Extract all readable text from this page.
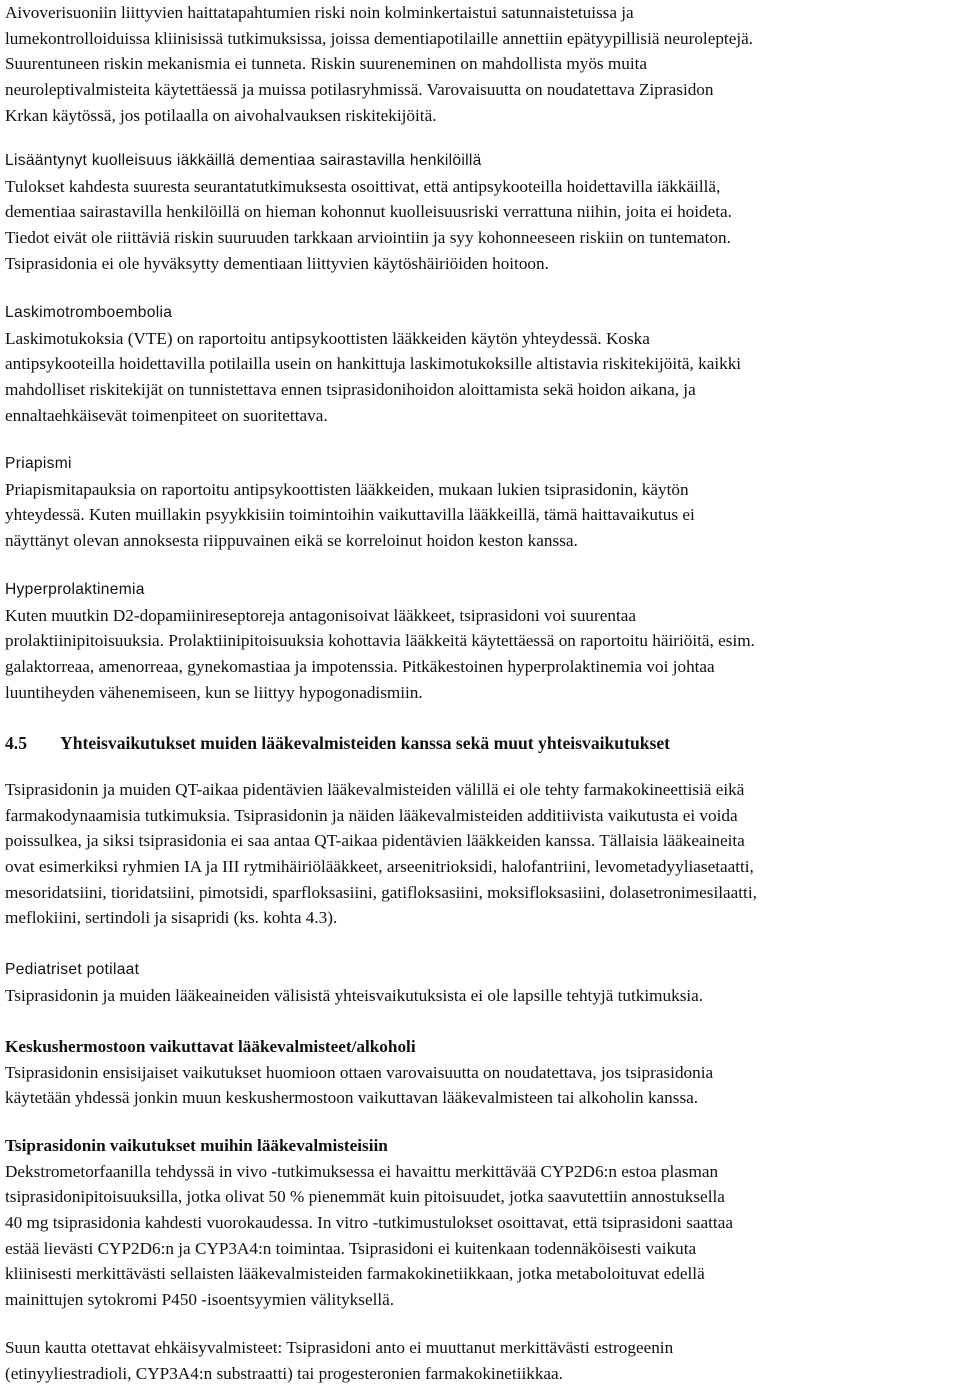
Aivoverisuoniin liittyvien haittatapahtumien riski noin kolminkertaistui satunnaistetuissa ja
lumekontrolloiduissa kliinisissä tutkimuksissa, joissa dementiapotilaille annettiin epätyypillisiä neuroleptejä.
Suurentuneen riskin mekanismia ei tunneta. Riskin suureneminen on mahdollista myös muita
neuroleptivalmisteita käytettäessä ja muissa potilasryhmissä. Varovaisuutta on noudatettava Ziprasidon
Krkan käytössä, jos potilaalla on aivohalvauksen riskitekijöitä.
Lisääntynyt kuolleisuus iäkkäillä dementiaa sairastavilla henkilöillä
Tulokset kahdesta suuresta seurantatutkimuksesta osoittivat, että antipsykooteilla hoidettavilla iäkkäillä,
dementiaa sairastavilla henkilöillä on hieman kohonnut kuolleisuusriski verrattuna niihin, joita ei hoideta.
Tiedot eivät ole riittäviä riskin suuruuden tarkkaan arviointiin ja syy kohonneeseen riskiin on tuntematon.
Tsiprasidonia ei ole hyväksytty dementiaan liittyvien käytöshäiriöiden hoitoon.
Laskimotromboembolia
Laskimotukoksia (VTE) on raportoitu antipsykoottisten lääkkeiden käytön yhteydessä. Koska
antipsykooteilla hoidettavilla potilailla usein on hankittuja laskimotukoksille altistavia riskitekijöitä, kaikki
mahdolliset riskitekijät on tunnistettava ennen tsiprasidonihoidon aloittamista sekä hoidon aikana, ja
ennaltaehkäisevät toimenpiteet on suoritettava.
Priapismi
Priapismitapauksia on raportoitu antipsykoottisten lääkkeiden, mukaan lukien tsiprasidonin, käytön
yhteydessä. Kuten muillakin psyykkisiin toimintoihin vaikuttavilla lääkkeillä, tämä haittavaikutus ei
näyttänyt olevan annoksesta riippuvainen eikä se korreloinut hoidon keston kanssa.
Hyperprolaktinemia
Kuten muutkin D2-dopamiinireseptoreja antagonisoivat lääkkeet, tsiprasidoni voi suurentaa
prolaktiinipitoisuuksia. Prolaktiinipitoisuuksia kohottavia lääkkeitä käytettäessä on raportoitu häiriöitä, esim.
galaktorreaa, amenorreaa, gynekomastiaa ja impotenssia. Pitkäkestoinen hyperprolaktinemia voi johtaa
luuntiheyden vähenemiseen, kun se liittyy hypogonadismiin.
4.5 Yhteisvaikutukset muiden lääkevalmisteiden kanssa sekä muut yhteisvaikutukset
Tsiprasidonin ja muiden QT-aikaa pidentävien lääkevalmisteiden välillä ei ole tehty farmakokineettisiä eikä
farmakodynaamisia tutkimuksia. Tsiprasidonin ja näiden lääkevalmisteiden additiivista vaikutusta ei voida
poissulkea, ja siksi tsiprasidonia ei saa antaa QT-aikaa pidentävien lääkkeiden kanssa. Tällaisia lääkeaineita
ovat esimerkiksi ryhmien IA ja III rytmihäiriölääkkeet, arseenitrioksidi, halofantriini, levometadyyliasetaatti,
mesoridatsiini, tioridatsiini, pimotsidi, sparfloksasiini, gatifloksasiini, moksifloksasiini, dolasetronimesilaatti,
meflokiini, sertindoli ja sisapridi (ks. kohta 4.3).
Pediatriset potilaat
Tsiprasidonin ja muiden lääkeaineiden välisistä yhteisvaikutuksista ei ole lapsille tehtyjä tutkimuksia.
Keskushermostoon vaikuttavat lääkevalmisteet/alkoholi
Tsiprasidonin ensisijaiset vaikutukset huomioon ottaen varovaisuutta on noudatettava, jos tsiprasidonia
käytetään yhdessä jonkin muun keskushermostoon vaikuttavan lääkevalmisteen tai alkoholin kanssa.
Tsiprasidonin vaikutukset muihin lääkevalmisteisiin
Dekstrometorfaanilla tehdyssä in vivo -tutkimuksessa ei havaittu merkittävää CYP2D6:n estoa plasman
tsiprasidonipitoisuuksilla, jotka olivat 50 % pienemmät kuin pitoisuudet, jotka saavutettiin annostuksella
40 mg tsiprasidonia kahdesti vuorokaudessa. In vitro -tutkimustulokset osoittavat, että tsiprasidoni saattaa
estää lievästi CYP2D6:n ja CYP3A4:n toimintaa. Tsiprasidoni ei kuitenkaan todennäköisesti vaikuta
kliinisesti merkittävästi sellaisten lääkevalmisteiden farmakokinetiikkaan, jotka metaboloituvat edellä
mainittujen sytokromi P450 -isoentsyymien välityksellä.
Suun kautta otettavat ehkäisyvalmisteet: Tsiprasidoni anto ei muuttanut merkittävästi estrogeenin
(etinyyliestradioli, CYP3A4:n substraatti) tai progesteronien farmakokinetiikkaa.
